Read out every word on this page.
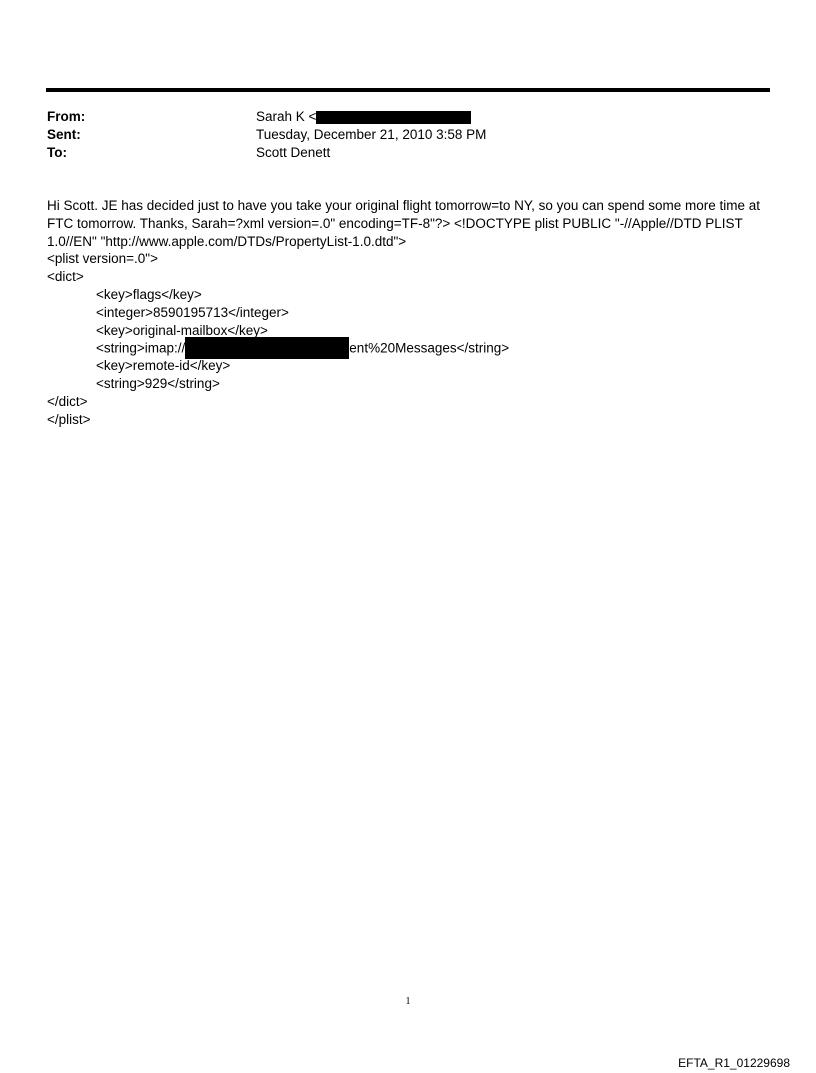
From:	Sarah K <
Sent:	Tuesday, December 21, 2010 3:58 PM
To:	Scott Denett

Hi Scott. JE has decided just to have you take your original flight tomorrow=to NY, so you can spend some more time at FTC tomorrow. Thanks, Sarah=?xml version=.0" encoding=TF-8"?> <!DOCTYPE plist PUBLIC "-//Apple//DTD PLIST 1.0//EN" "http://www.apple.com/DTDs/PropertyList-1.0.dtd">

<plist version=.0">
<dict>
<key>flags</key>
<integer>8590195713</integer>
<key>original-mailbox</key>
<string>imap://	ent%20Messages</string>
<key>remote-id</key>
<string>929</string>
</dict>
</plist>
1
EFTA_R1_01229698
